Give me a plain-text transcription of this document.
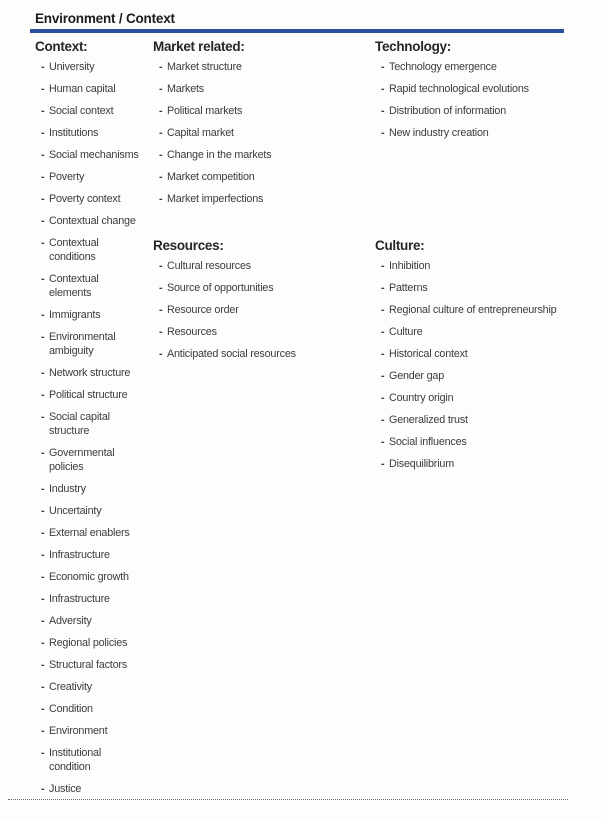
Environment / Context
Context:
- University
- Human capital
- Social context
- Institutions
- Social mechanisms
- Poverty
- Poverty context
- Contextual change
- Contextual conditions
- Contextual elements
- Immigrants
- Environmental ambiguity
- Network structure
- Political structure
- Social capital structure
- Governmental policies
- Industry
- Uncertainty
- External enablers
- Infrastructure
- Economic growth
- Infrastructure
- Adversity
- Regional policies
- Structural factors
- Creativity
- Condition
- Environment
- Institutional condition
- Justice
Market related:
- Market structure
- Markets
- Political markets
- Capital market
- Change in the markets
- Market competition
- Market imperfections
Resources:
- Cultural resources
- Source of opportunities
- Resource order
- Resources
- Anticipated social resources
Technology:
- Technology emergence
- Rapid technological evolutions
- Distribution of information
- New industry creation
Culture:
- Inhibition
- Patterns
- Regional culture of entrepreneurship
- Culture
- Historical context
- Gender gap
- Country origin
- Generalized trust
- Social influences
- Disequilibrium
